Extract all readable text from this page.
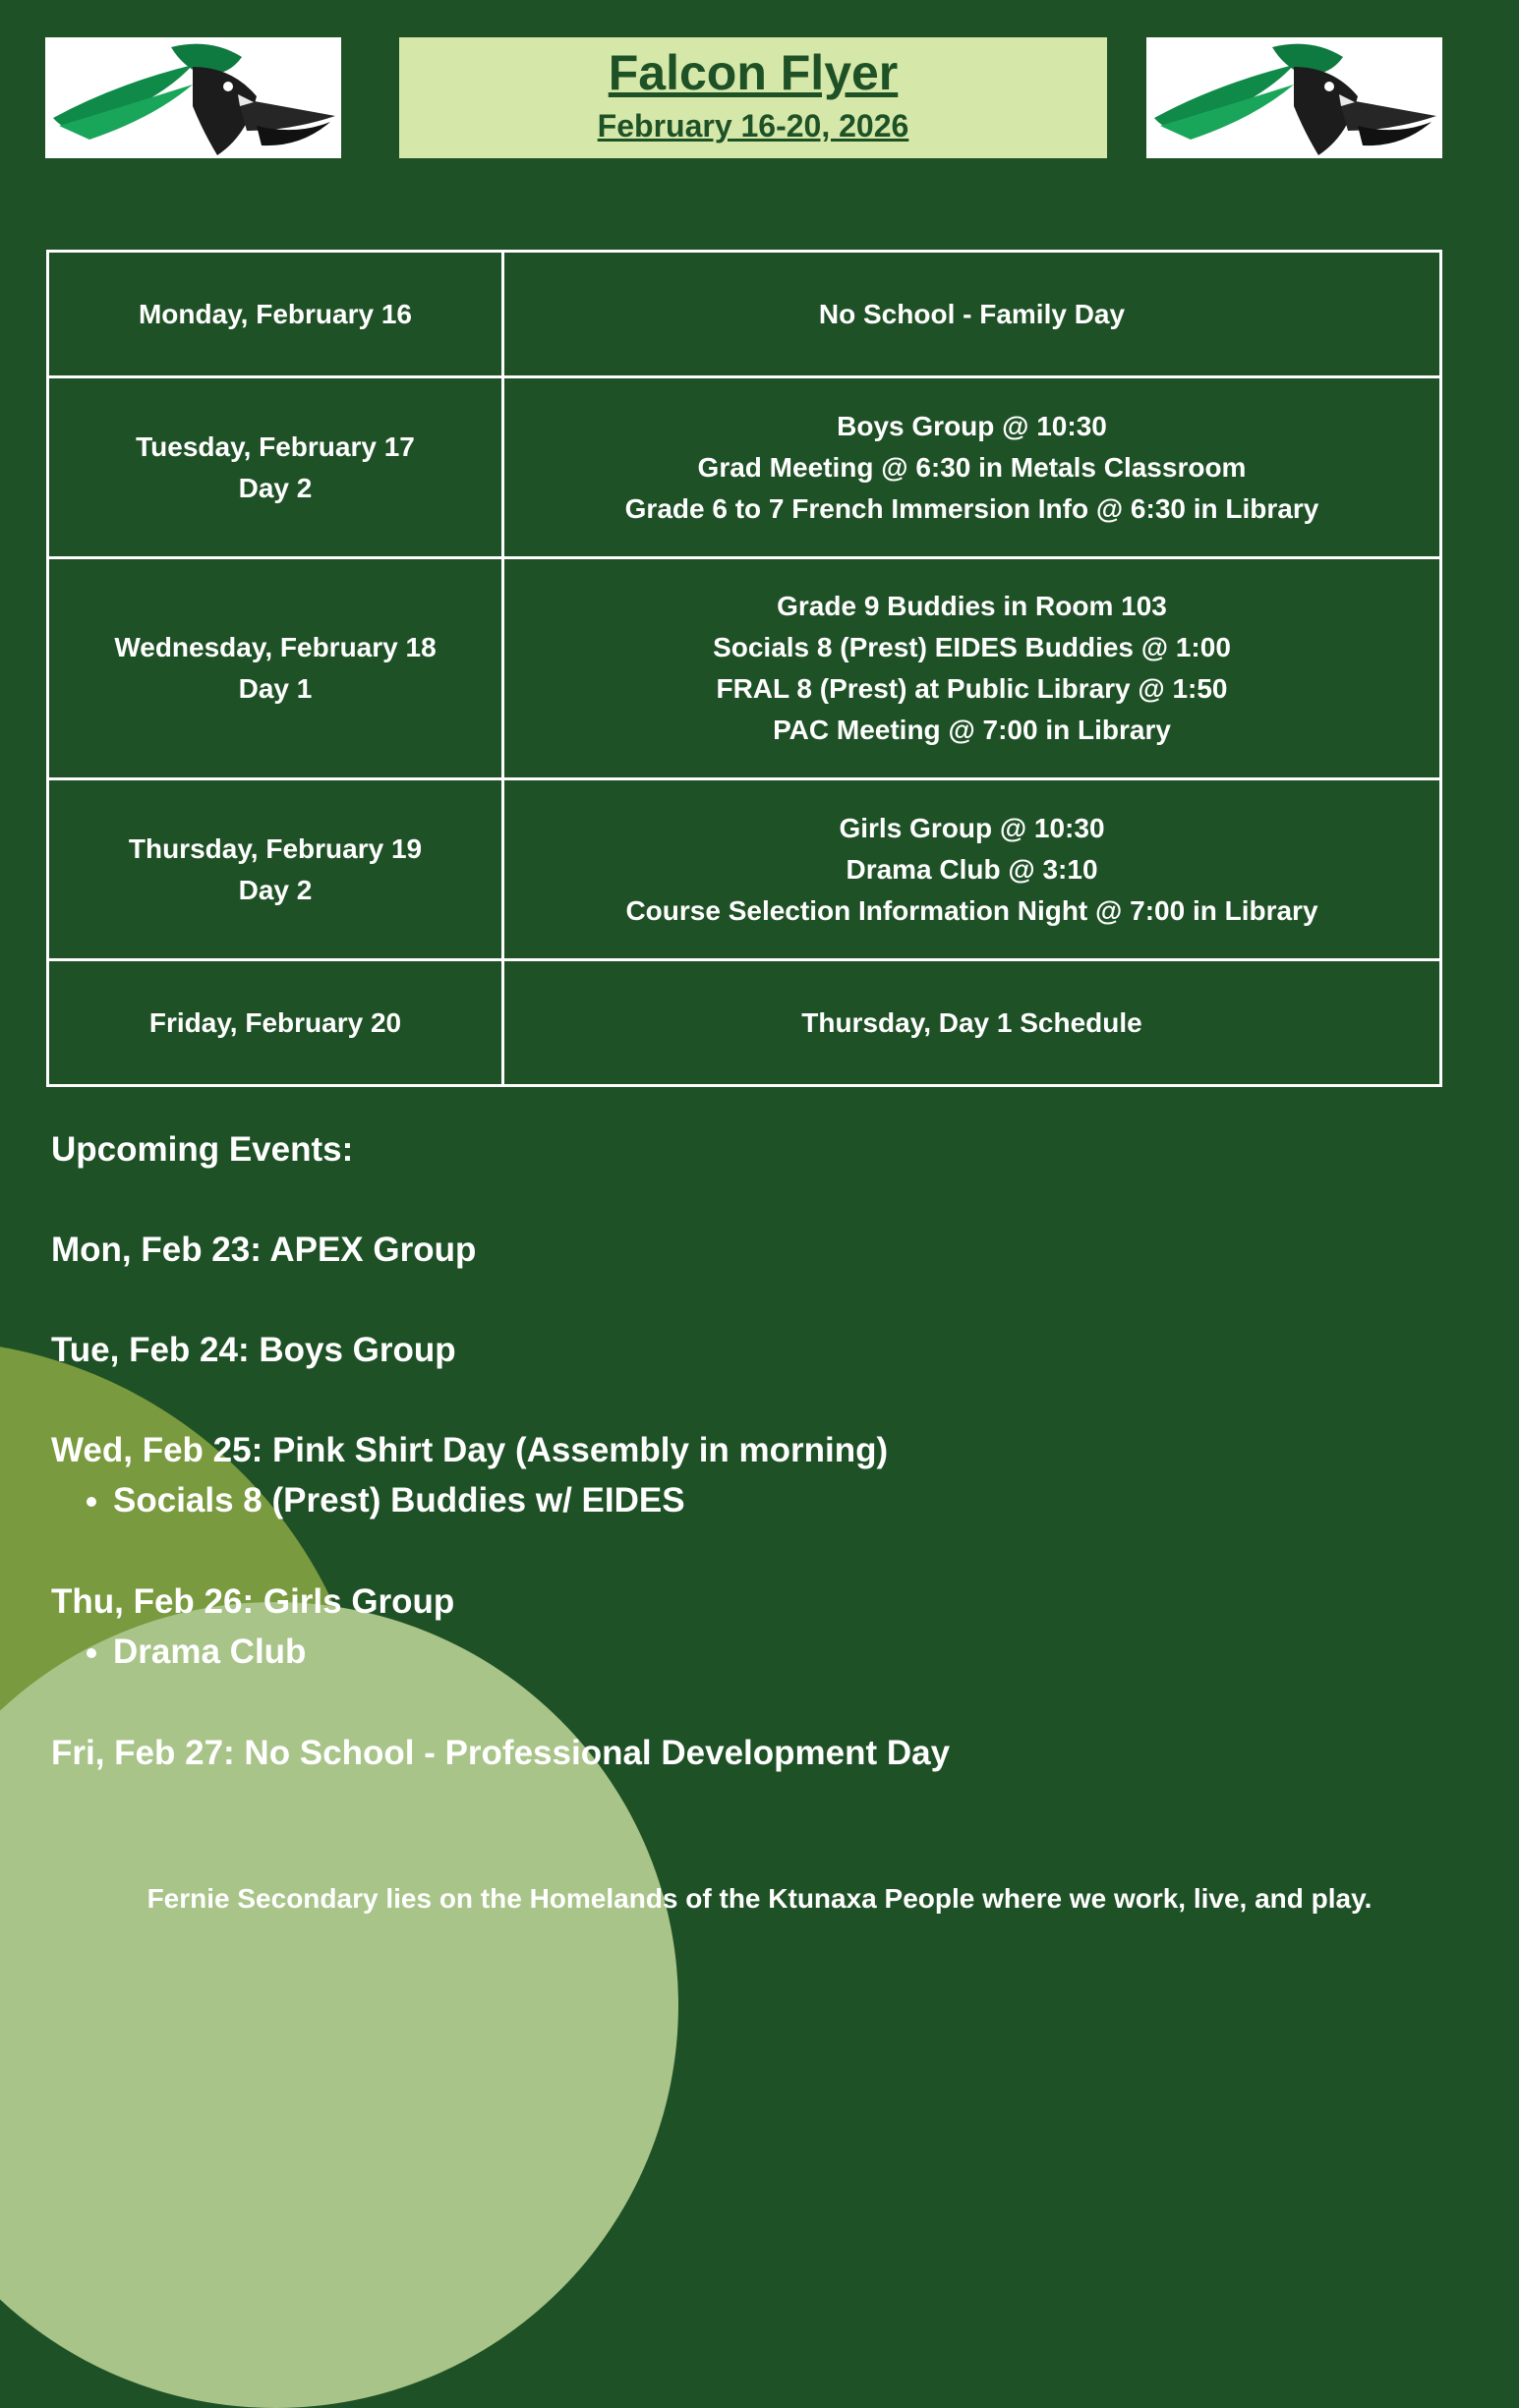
Falcon Flyer
February 16-20, 2026
Monday, February 16	No School - Family Day

Tuesday, February 17
Day 2	Boys Group @ 10:30
Grad Meeting @ 6:30 in Metals Classroom
Grade 6 to 7 French Immersion Info @ 6:30 in Library

Wednesday, February 18
Day 1	Grade 9 Buddies in Room 103
Socials 8 (Prest) EIDES Buddies @ 1:00
FRAL 8 (Prest) at Public Library @ 1:50
PAC Meeting @ 7:00 in Library

Thursday, February 19
Day 2	Girls Group @ 10:30
Drama Club @ 3:10
Course Selection Information Night @ 7:00 in Library

Friday, February 20	Thursday, Day 1 Schedule
Upcoming Events:
Mon, Feb 23: APEX Group
Tue, Feb 24: Boys Group
Wed, Feb 25: Pink Shirt Day (Assembly in morning)
• Socials 8 (Prest) Buddies w/ EIDES
Thu, Feb 26: Girls Group
• Drama Club
Fri, Feb 27: No School - Professional Development Day
Fernie Secondary lies on the Homelands of the Ktunaxa People where we work, live, and play.
